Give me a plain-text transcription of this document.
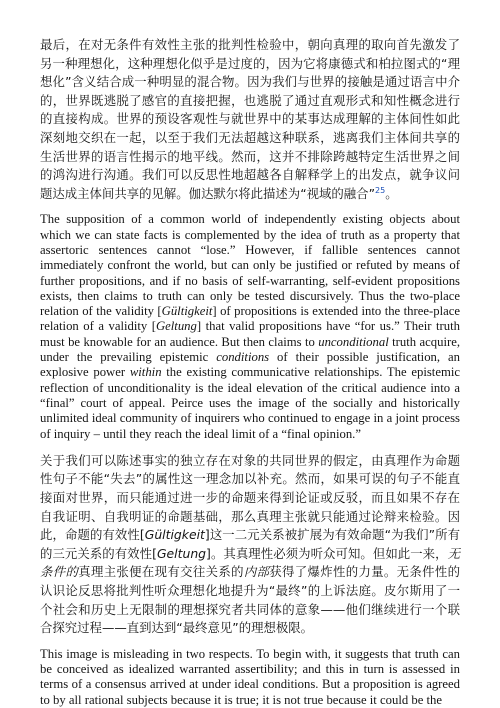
最后，在对无条件有效性主张的批判性检验中，朝向真理的取向首先激发了另一种理想化，这种理想化似乎是过度的，因为它将康德式和柏拉图式的“理想化”含义结合成一种明显的混合物。因为我们与世界的接触是通过语言中介的，世界既逃脱了感官的直接把握，也逃脱了通过直观形式和知性概念进行的直接构成。世界的预设客观性与就世界中的某事达成理解的主体间性如此深刻地交织在一起，以至于我们无法超越这种联系，逃离我们主体间共享的生活世界的语言性揭示的地平线。然而，这并不排除跨越特定生活世界之间的鸿沟进行沟通。我们可以反思性地超越各自解释学上的出发点，就争议问题达成主体间共享的见解。伽达默尔将此描述为“视域的融合”$^{25}$。

The supposition of a common world of independently existing objects about which we can state facts is complemented by the idea of truth as a property that assertoric sentences cannot “lose.” However, if fallible sentences cannot immediately confront the world, but can only be justified or refuted by means of further propositions, and if no basis of self-warranting, self-evident propositions exists, then claims to truth can only be tested discursively. Thus the two-place relation of the validity [Gültigkeit] of propositions is extended into the three-place relation of a validity [Geltung] that valid propositions have “for us.” Their truth must be knowable for an audience. But then claims to unconditional truth acquire, under the prevailing epistemic conditions of their possible justification, an explosive power within the existing communicative relationships. The epistemic reflection of unconditionality is the ideal elevation of the critical audience into a “final” court of appeal. Peirce uses the image of the socially and historically unlimited ideal community of inquirers who continued to engage in a joint process of inquiry – until they reach the ideal limit of a “final opinion.”

关于我们可以陈述事实的独立存在对象的共同世界的假定，由真理作为命题性句子不能“失去”的属性这一理念加以补充。然而，如果可误的句子不能直接面对世界，而只能通过进一步的命题来得到论证或反驳，而且如果不存在自我证明、自我明证的命题基础，那么真理主张就只能通过论辩来检验。因此，命题的有效性[Gültigkeit]这一二元关系被扩展为有效命题“为我们”所有的三元关系的有效性[Geltung]。其真理性必须为听众可知。但如此一来，无条件的真理主张便在现有交往关系的内部获得了爆炸性的力量。无条件性的认识论反思将批判性听众理想化地提升为“最终”的上诉法庭。皮尔斯用了一个社会和历史上无限制的理想探究者共同体的意象——他们继续进行一个联合探究过程——直到达到“最终意见”的理想极限。

This image is misleading in two respects. To begin with, it suggests that truth can be conceived as idealized warranted assertibility; and this in turn is assessed in terms of a consensus arrived at under ideal conditions. But a proposition is agreed to by all rational subjects because it is true; it is not true because it could be the
